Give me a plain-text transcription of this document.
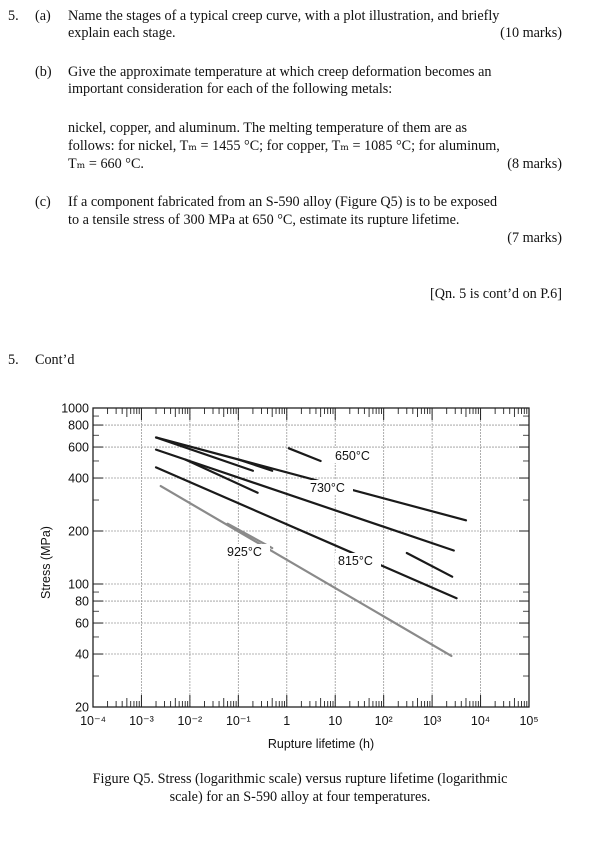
5. (a) Name the stages of a typical creep curve, with a plot illustration, and briefly
explain each stage.	(10 marks)
(b) Give the approximate temperature at which creep deformation becomes an
important consideration for each of the following metals:
nickel, copper, and aluminum. The melting temperature of them are as
follows: for nickel, Tₘ = 1455 °C; for copper, Tₘ = 1085 °C; for aluminum,
Tₘ = 660 °C.	(8 marks)
(c) If a component fabricated from an S-590 alloy (Figure Q5) is to be exposed
to a tensile stress of 300 MPa at 650 °C, estimate its rupture lifetime.
(7 marks)
[Qn. 5 is cont’d on P.6]
5. Cont’d
10⁻⁴ 10⁻³ 10⁻² 10⁻¹	1	10	10² 10³ 10⁴ 10⁵
1000
800
600
400
200
100
80
60
40
20
Rupture lifetime (h)
Stress (MPa)
650°C
730°C
815°C
925°C
Figure Q5. Stress (logarithmic scale) versus rupture lifetime (logarithmic
scale) for an S-590 alloy at four temperatures.
